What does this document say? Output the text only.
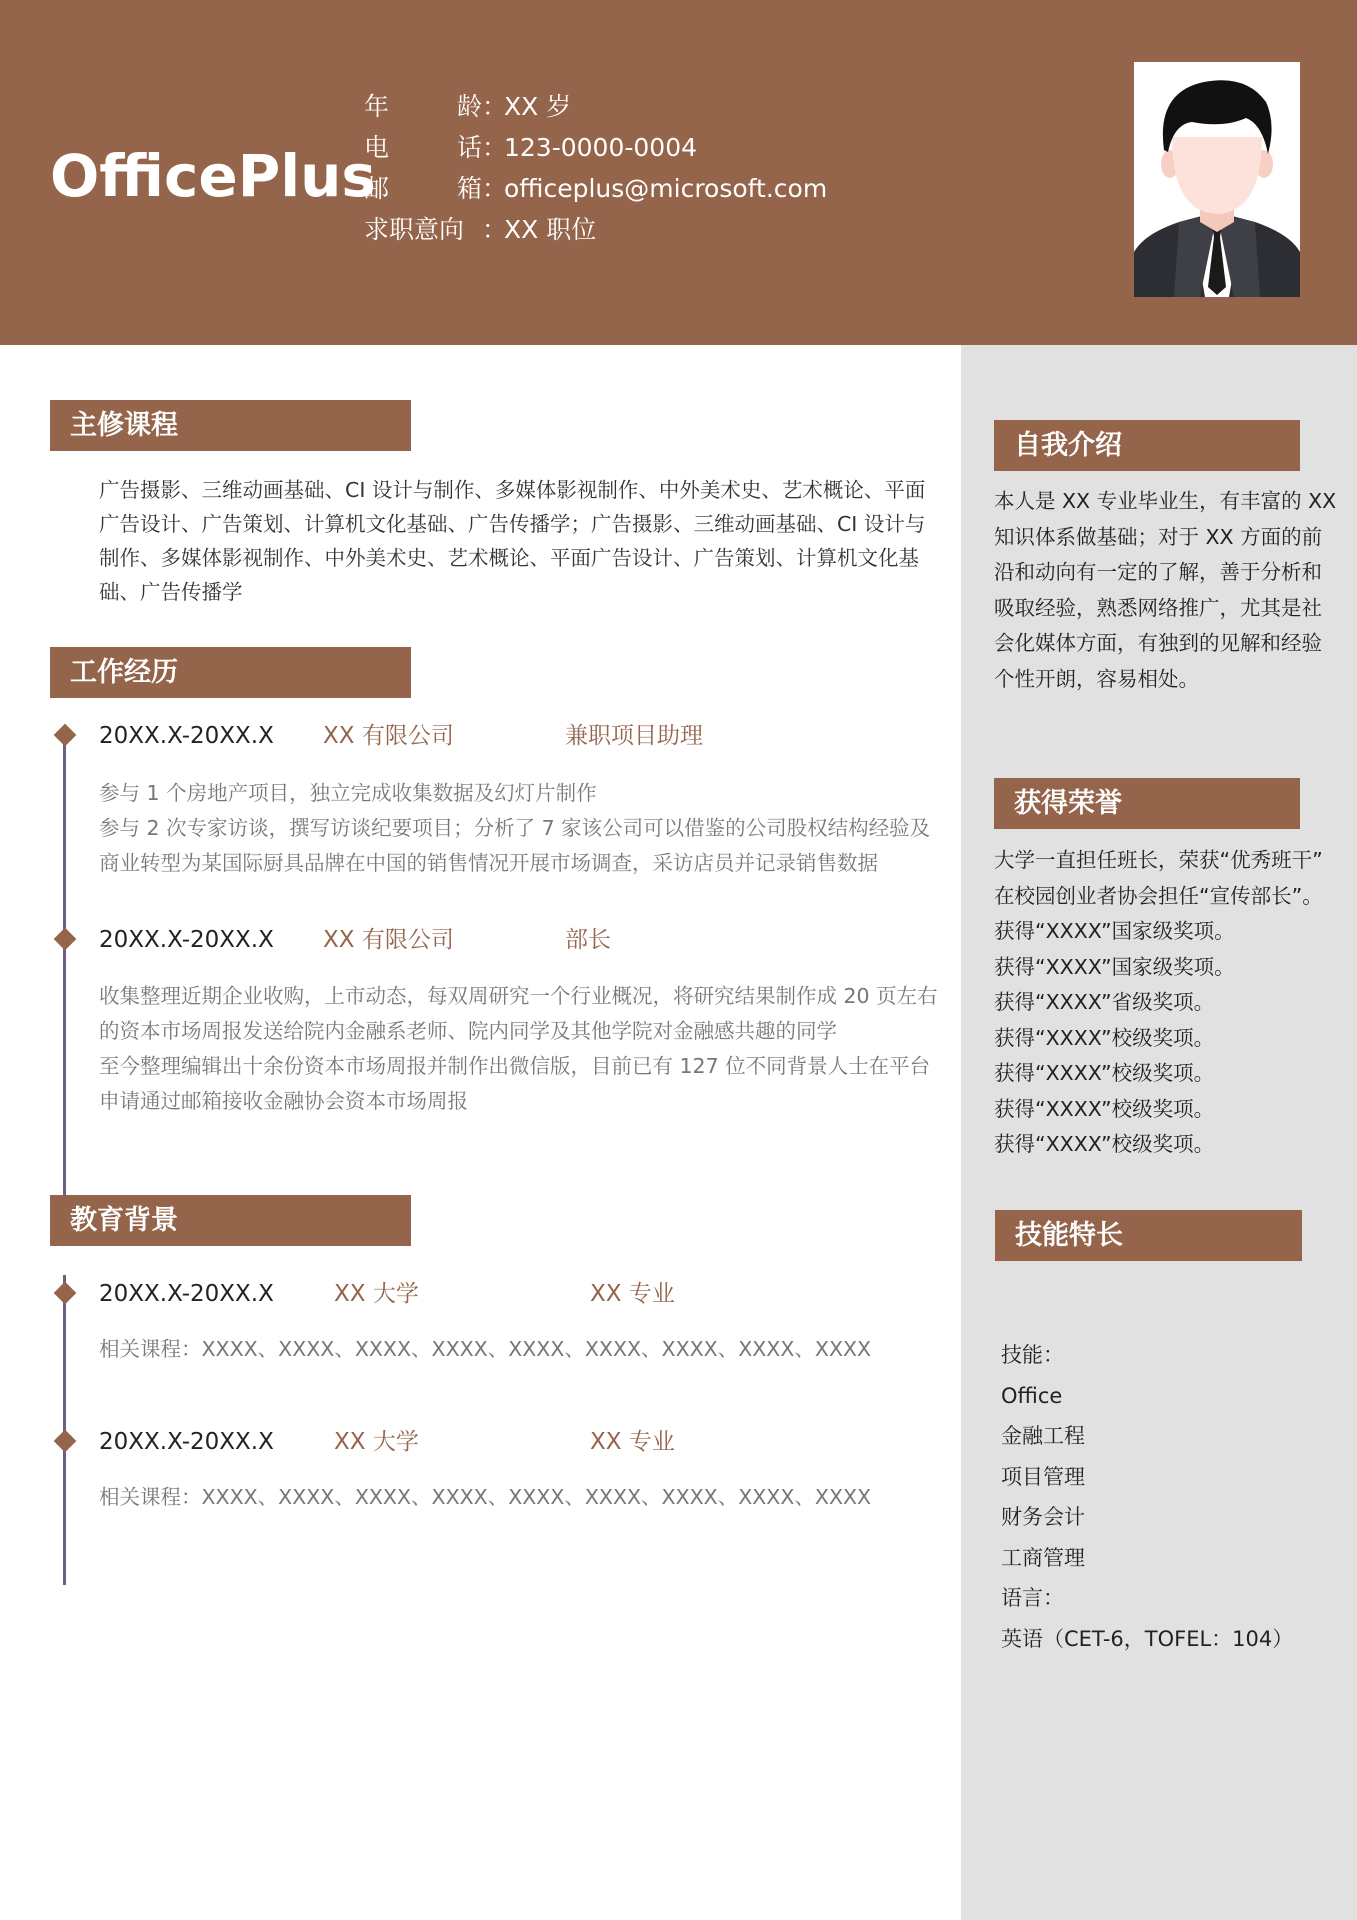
OfficePlus
年龄 ：
XX 岁
电话 ：
123-0000-0004
邮箱 ：
officeplus@microsoft.com
求职意向 ：
XX 职位
主修课程
广告摄影、三维动画基础、CI 设计与制作、多媒体影视制作、中外美术史、艺术概论、平面
广告设计、广告策划、计算机文化基础、广告传播学；广告摄影、三维动画基础、CI 设计与
制作、多媒体影视制作、中外美术史、艺术概论、平面广告设计、广告策划、计算机文化基
础、广告传播学
工作经历
20XX.X-20XX.X XX 有限公司	兼职项目助理
参与 1 个房地产项目，独立完成收集数据及幻灯片制作
参与 2 次专家访谈，撰写访谈纪要项目；分析了 7 家该公司可以借鉴的公司股权结构经验及
商业转型为某国际厨具品牌在中国的销售情况开展市场调查，采访店员并记录销售数据
20XX.X-20XX.X XX 有限公司	部长
收集整理近期企业收购，上市动态，每双周研究一个行业概况，将研究结果制作成 20 页左右
的资本市场周报发送给院内金融系老师、院内同学及其他学院对金融感共趣的同学
至今整理编辑出十余份资本市场周报并制作出微信版，目前已有 127 位不同背景人士在平台
申请通过邮箱接收金融协会资本市场周报
教育背景
20XX.X-20XX.X	XX 大学	XX 专业
相关课程：XXXX、XXXX、XXXX、XXXX、XXXX、XXXX、XXXX、XXXX、XXXX
20XX.X-20XX.X	XX 大学	XX 专业
相关课程：XXXX、XXXX、XXXX、XXXX、XXXX、XXXX、XXXX、XXXX、XXXX
自我介绍
本人是 XX 专业毕业生，有丰富的 XX
知识体系做基础；对于 XX 方面的前
沿和动向有一定的了解，善于分析和
吸取经验，熟悉网络推广，尤其是社
会化媒体方面，有独到的见解和经验
个性开朗，容易相处。
获得荣誉
大学一直担任班长，荣获“优秀班干”
在校园创业者协会担任“宣传部长”。
获得“XXXX”国家级奖项。
获得“XXXX”国家级奖项。
获得“XXXX”省级奖项。
获得“XXXX”校级奖项。
获得“XXXX”校级奖项。
获得“XXXX”校级奖项。
获得“XXXX”校级奖项。
技能特长
技能：
Office
金融工程
项目管理
财务会计
工商管理
语言：
英语（CET-6，TOFEL：104）
